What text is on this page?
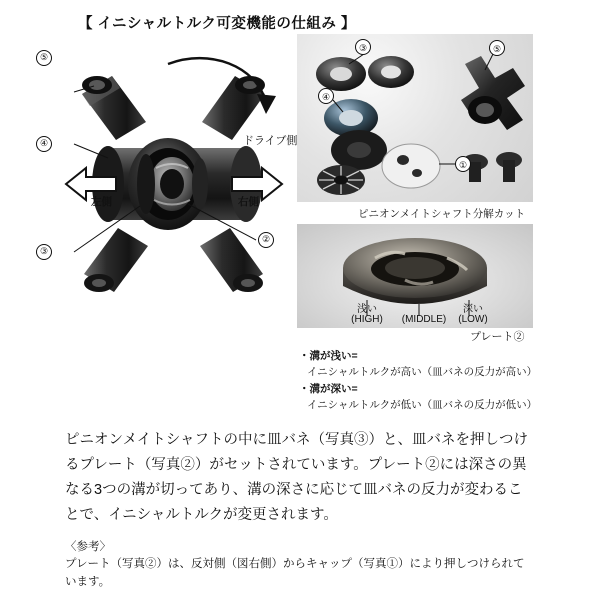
【 イニシャルトルク可変機能の仕組み 】
⑤
④
③
②
左側	右側
ドライブ側
③	⑤
④
①
ピニオンメイトシャフト分解カット
浅い
(HIGH)	(MIDDLE)
深い
(LOW)
プレート②
・溝が浅い=
イニシャルトルクが高い（皿バネの反力が高い）
・溝が深い=
イニシャルトルクが低い（皿バネの反力が低い）
ピニオンメイトシャフトの中に皿バネ（写真③）と、皿バネを押しつけるプレート（写真②）がセットされています。プレート②には深さの異なる3つの溝が切ってあり、溝の深さに応じて皿バネの反力が変わることで、イニシャルトルクが変更されます。
〈参考〉
プレート（写真②）は、反対側（図右側）からキャップ（写真①）により押しつけられています。
